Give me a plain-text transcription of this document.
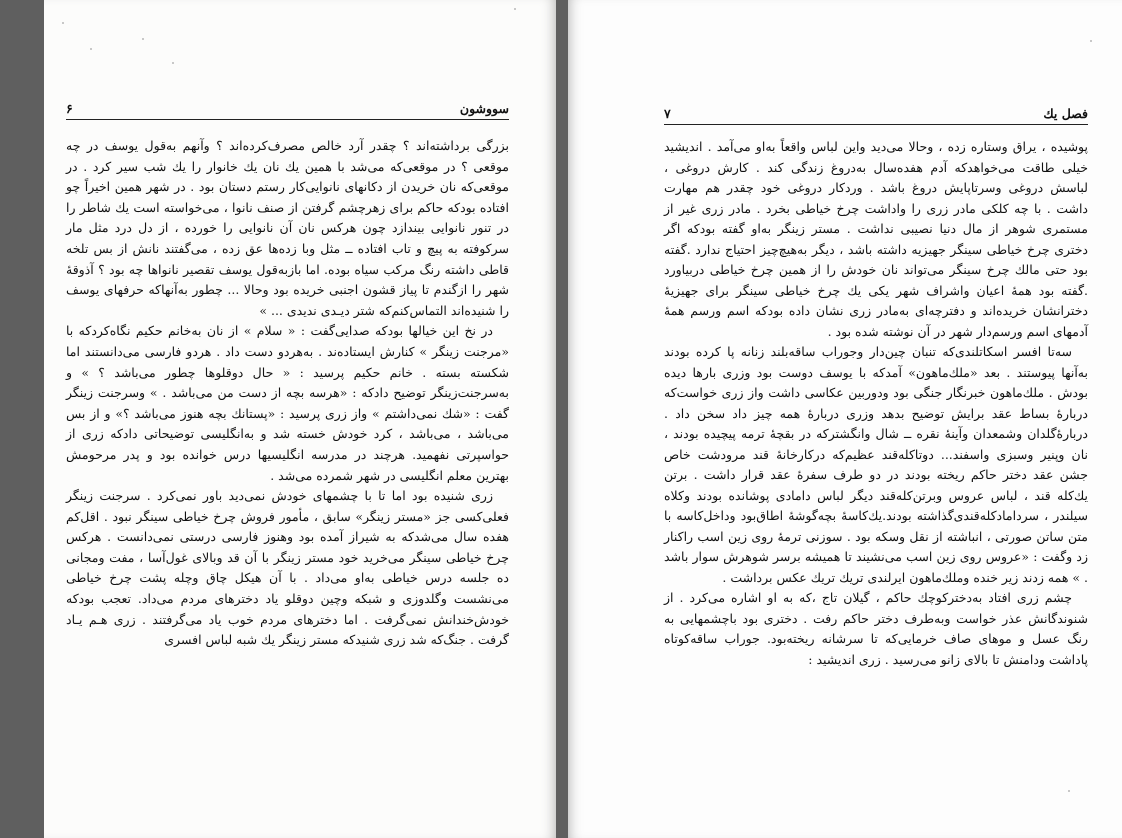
سووشون
۶

بزرگی برداشته‌اند ؟ چقدر آرد خالص مصرف‌کرده‌اند ؟ وآنهم به‌قول یوسف در چه موقعی ؟ در موقعی‌که می‌شد با همین یك نان یك خانوار را یك شب سیر کرد . در موقعی‌که نان خریدن از دکانهای نانوایی‌کار رستم دستان بود . در شهر همین اخیراً چو افتاده بودکه حاکم برای زهرچشم گرفتن از صنف نانوا ، می‌خواسته است یك شاطر را در تنور نانوایی بیندازد چون هرکس نان آن نانوایی را خورده ، از دل درد مثل مار سرکوفته به پیچ و تاب افتاده ــ مثل وبا زده‌ها عق زده ، می‌گفتند نانش از بس تلخه قاطی داشته رنگ مرکب سیاه بوده. اما بازبه‌قول یوسف تقصیر نانواها چه بود ؟ آذوقهٔ شهر را ازگندم تا پیاز قشون اجنبی خریده بود وحالا ... چطور به‌آنهاکه حرفهای یوسف را شنیده‌اند التماس‌کنم‌که شتر دیـدی ندیدی ... »

در نخ این خیالها بودکه صدایی‌گفت : « سلام » از نان به‌خانم حکیم نگاه‌کردکه با «مرجنت زینگر » کنارش ایستاده‌ند . به‌هردو دست داد . هردو فارسی می‌دانستند اما شکسته بسته . خانم حکیم پرسید : « حال دوقلوها چطور می‌باشد ؟ » و به‌سرجنت‌زینگر توضیح داد‌که : «هرسه بچه از دست من می‌باشد . » وسرجنت زینگر گفت : «شك نمی‌داشتم » واز زری پرسید : «پستانك بچه هنوز می‌باشد ؟» و از بس می‌باشد ، می‌باشد ، کرد خودش خسته شد و به‌انگلیسی توضیحاتی داد‌که زری از حواسپرتی نفهمید. هرچند در مدرسه انگلیسیها درس خوانده بود و پدر مرحومش بهترین معلم انگلیسی در شهر شمرده می‌شد .

زری شنیده بود اما تا با چشمهای خودش نمی‌دید باور نمی‌کرد . سرجنت زینگر فعلی‌کسی جز «مستر زینگر» سابق ، مأمور فروش چرخ خیاطی سینگر نبود . اقل‌کم هفده سال می‌شدکه به شیراز آمده بود وهنوز فارسی درستی نمی‌دانست . هرکس چرخ خیاطی سینگر می‌خرید خود مستر زینگر با آن قد وبالای غول‌آسا ، مفت ومجانی ده جلسه درس خیاطی به‌او می‌داد . با آن هیکل چاق وچله پشت چرخ خیاطی می‌نشست وگلدوزی و شبکه وچین دوقلو یاد دخترهای مردم می‌داد. تعجب بودکه خودش‌خندانش نمی‌گرفت . اما دخترهای مردم خوب یاد می‌گرفتند . زری هـم یـاد گرفت . جنگ‌که شد زری شنیدکه مستر زینگر یك شبه لباس افسری

فصل یك
۷

پوشیده ، یراق وستاره زده ، وحالا می‌دید واین لباس واقعاً به‌او می‌آمد . اندیشید خیلی طاقت می‌خواهدکه آدم هفده‌سال به‌دروغ زندگی کند . کارش دروغی ، لباسش دروغی وسرتاپایش دروغ باشد . وردکار دروغی خود چقدر هم مهارت داشت . با چه کلکی مادر زری را واداشت چرخ خیاطی بخرد . مادر زری غیر از مستمری شوهر از مال دنیا نصیبی نداشت . مستر زینگر به‌او گفته بودکه اگر دختری چرخ خیاطی سینگر جهیزیه داشته باشد ، دیگر به‌هیچ‌چیز احتیاج ندارد .گفته بود حتی مالك چرخ سینگر می‌تواند نان خودش را از همین چرخ خیاطی دربیاورد .گفته بود همهٔ اعیان واشراف شهر یکی یك چرخ خیاطی سینگر برای جهیزیهٔ دخترانشان خریده‌اند و دفترچه‌ای به‌مادر زری نشان داده بودکه اسم ورسم همهٔ آدمهای اسم ورسم‌دار شهر در آن نوشته شده بود .

سه‌تا افسر اسکاتلندی‌که تنبان چین‌دار وجوراب ساقه‌بلند زنانه پا کرده بودند به‌آنها پیوستند . بعد «ملك‌ماهون» آمدکه با یوسف دوست بود وزری بارها دیده بودش . ملك‌ماهون خبرنگار جنگی بود ودوربین عکاسی داشت واز زری خواست‌که دربارهٔ بساط عقد برایش توضیح بدهد وزری دربارهٔ همه چیز داد سخن داد . دربارهٔ‌گلدان وشمعدان وآینهٔ نقره ــ شال وانگشتر‌که در بقچهٔ ترمه پیچیده بودند ، نان وپنیر وسبزی واسفند... دوتاکله‌قند عظیم‌که درکارخانهٔ قند مرودشت خاص جشن عقد دختر حاکم ریخته بودند در دو طرف سفرهٔ عقد قرار داشت . برتن یك‌کله قند ، لباس عروس وبرتن‌کله‌قند دیگر لباس دامادی پوشانده بودند وکلاه سیلندر ، سرداماد‌کله‌قندی‌گذاشته بودند.یك‌کاسهٔ بچه‌گوشهٔ اطاق‌بود وداخل‌کاسه با متن ساتن صورتی ، انباشته از نقل وسکه بود . سوزنی ترمهٔ روی زین اسب راکنار زد وگفت : «عروس روی زین اسب می‌نشیند تا همیشه برسر شوهرش سوار باشد . » همه زدند زیر خنده وملك‌ماهون ایرلندی تریك تریك عکس برداشت .

چشم زری افتاد بەدختر‌کوچك حاکم ، ‌گیلان تاج ،‌که به او اشاره می‌کرد . از شنوندگانش عذر خواست وبه‌طرف دختر حاکم رفت . دختری بود باچشمهایی به رنگ عسل و موهای صاف خرمایی‌که تا سرشانه ریخته‌بود. جوراب ساقه‌کوتاه پاداشت ودامنش تا بالای زانو می‌رسید . زری اندیشید :
